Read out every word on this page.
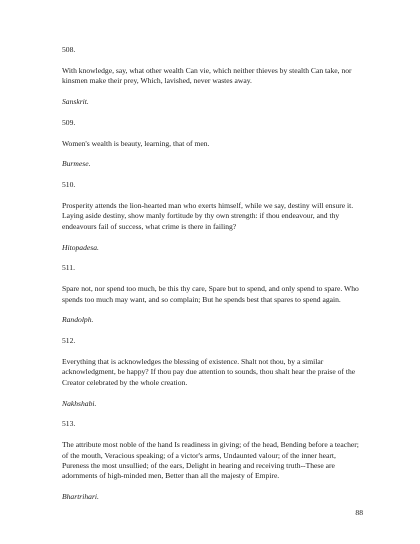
508.

With knowledge, say, what other wealth Can vie, which neither thieves by stealth Can take, nor kinsmen make their prey, Which, lavished, never wastes away.

Sanskrit.

509.

Women's wealth is beauty, learning, that of men.

Burmese.

510.

Prosperity attends the lion-hearted man who exerts himself, while we say, destiny will ensure it. Laying aside destiny, show manly fortitude by thy own strength: if thou endeavour, and thy endeavours fail of success, what crime is there in failing?

Hitopadesa.

511.

Spare not, nor spend too much, be this thy care, Spare but to spend, and only spend to spare. Who spends too much may want, and so complain; But he spends best that spares to spend again.

Randolph.

512.

Everything that is acknowledges the blessing of existence. Shalt not thou, by a similar acknowledgment, be happy? If thou pay due attention to sounds, thou shalt hear the praise of the Creator celebrated by the whole creation.

Nakhshabi.

513.

The attribute most noble of the hand Is readiness in giving; of the head, Bending before a teacher; of the mouth, Veracious speaking; of a victor's arms, Undaunted valour; of the inner heart, Pureness the most unsullied; of the ears, Delight in hearing and receiving truth--These are adornments of high-minded men, Better than all the majesty of Empire.

Bhartrihari.

88
